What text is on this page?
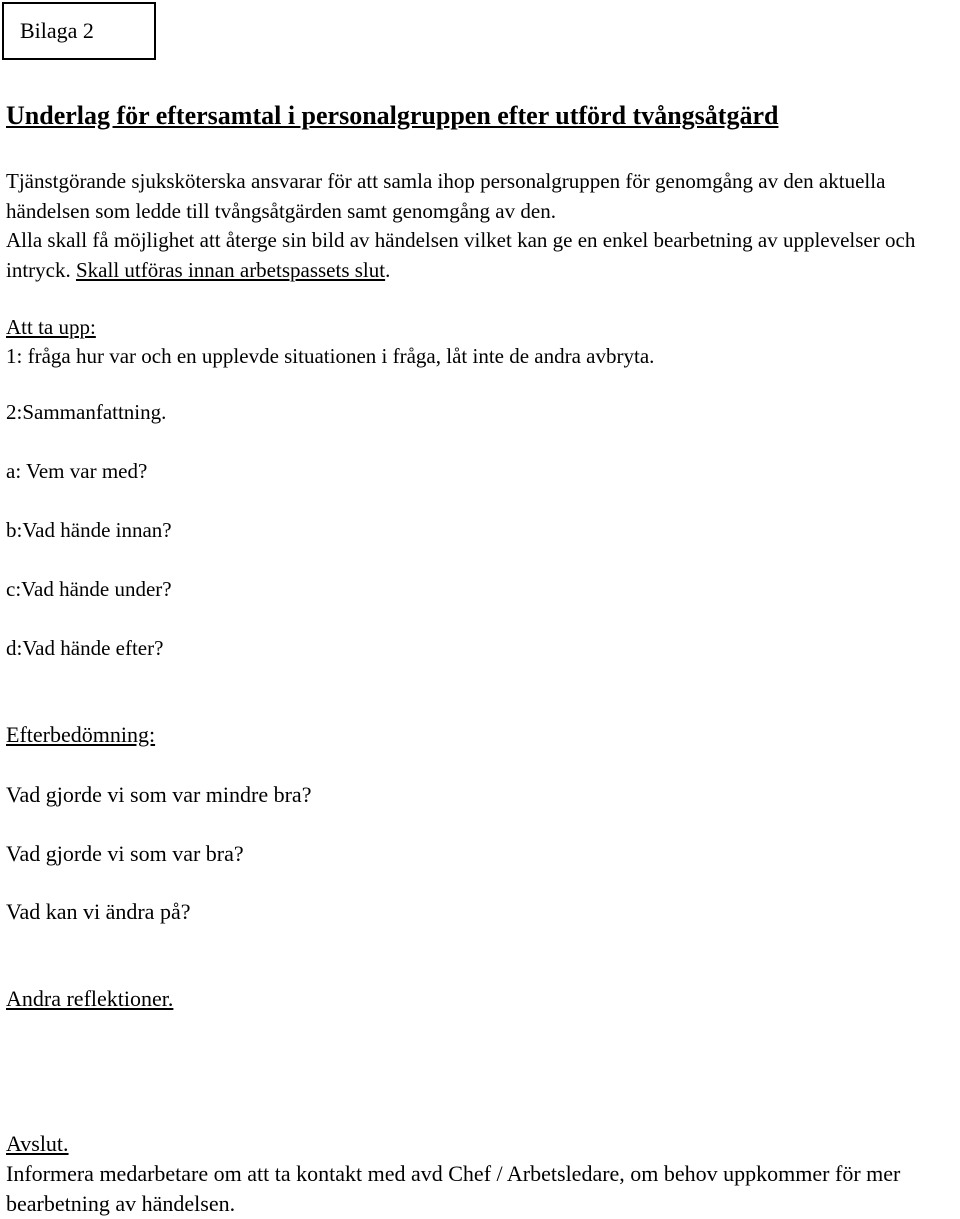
Bilaga 2
Underlag för eftersamtal i personalgruppen efter utförd tvångsåtgärd

Tjänstgörande sjuksköterska ansvarar för att samla ihop personalgruppen för genomgång av den aktuella händelsen som ledde till tvångsåtgärden samt genomgång av den.

Alla skall få möjlighet att återge sin bild av händelsen vilket kan ge en enkel bearbetning av upplevelser och intryck. Skall utföras innan arbetspassets slut.

Att ta upp:
1: fråga hur var och en upplevde situationen i fråga, låt inte de andra avbryta.
2:Sammanfattning.
a: Vem var med?
b:Vad hände innan?
c:Vad hände under?
d:Vad hände efter?
Efterbedömning:
Vad gjorde vi som var mindre bra?
Vad gjorde vi som var bra?
Vad kan vi ändra på?
Andra reflektioner.
Avslut.
Informera medarbetare om att ta kontakt med avd Chef / Arbetsledare, om behov uppkommer för mer bearbetning av händelsen.
